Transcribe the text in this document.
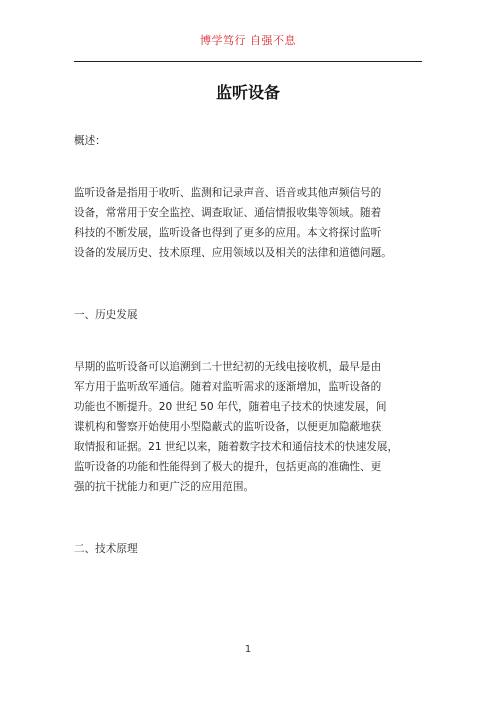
博学笃行 自强不息
监听设备

概述：

监听设备是指用于收听、监测和记录声音、语音或其他声频信号的
设备，常常用于安全监控、调查取证、通信情报收集等领域。随着
科技的不断发展，监听设备也得到了更多的应用。本文将探讨监听
设备的发展历史、技术原理、应用领域以及相关的法律和道德问题。

一、历史发展

早期的监听设备可以追溯到二十世纪初的无线电接收机，最早是由
军方用于监听敌军通信。随着对监听需求的逐渐增加，监听设备的
功能也不断提升。20 世纪 50 年代，随着电子技术的快速发展，间
谍机构和警察开始使用小型隐蔽式的监听设备，以便更加隐蔽地获
取情报和证据。21 世纪以来，随着数字技术和通信技术的快速发展，
监听设备的功能和性能得到了极大的提升，包括更高的准确性、更
强的抗干扰能力和更广泛的应用范围。

二、技术原理

1
